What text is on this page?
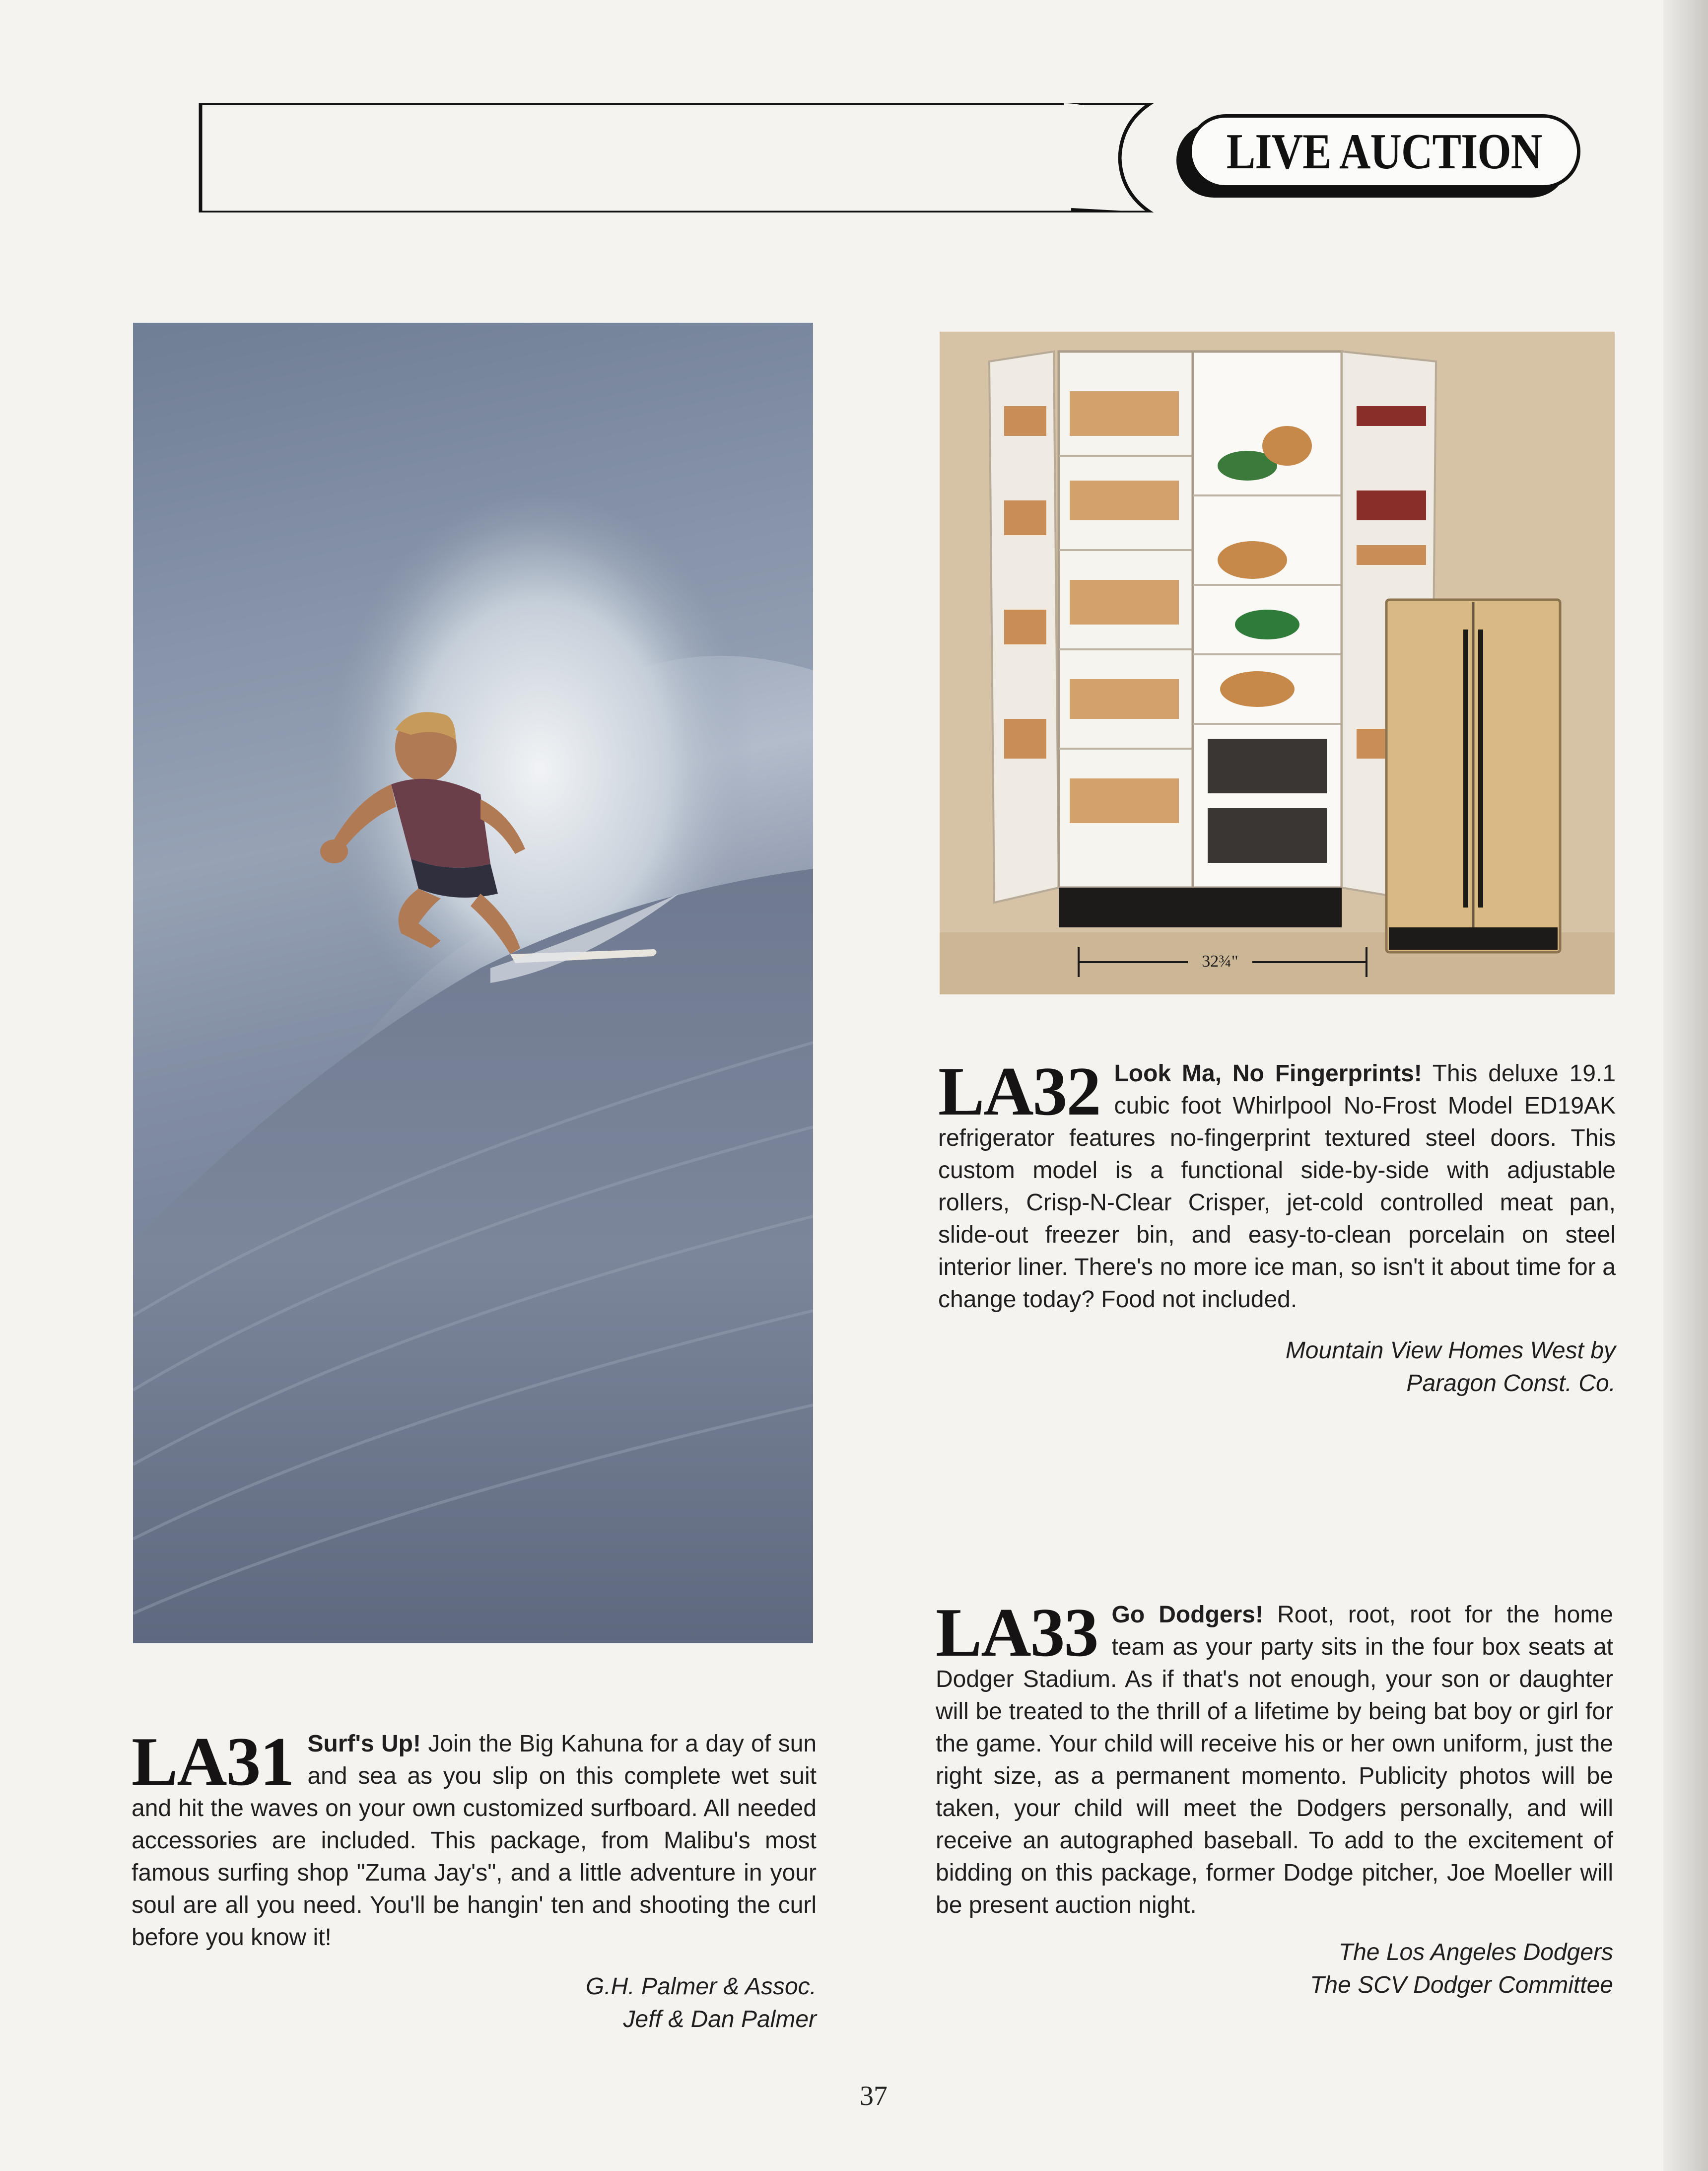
LIVE AUCTION
32¾"
LA32 Look Ma, No Fingerprints! This deluxe 19.1 cubic foot Whirlpool No-Frost Model ED19AK refrigerator features no-fingerprint textured steel doors. This custom model is a functional side-by-side with adjustable rollers, Crisp-N-Clear Crisper, jet-cold controlled meat pan, slide-out freezer bin, and easy-to-clean porcelain on steel interior liner. There's no more ice man, so isn't it about time for a change today? Food not included.
Mountain View Homes West by
Paragon Const. Co.
LA33 Go Dodgers! Root, root, root for the home team as your party sits in the four box seats at Dodger Stadium. As if that's not enough, your son or daughter will be treated to the thrill of a lifetime by being bat boy or girl for the game. Your child will receive his or her own uniform, just the right size, as a permanent momento. Publicity photos will be taken, your child will meet the Dodgers personally, and will receive an autographed baseball. To add to the excitement of bidding on this package, former Dodge pitcher, Joe Moeller will be present auction night.
The Los Angeles Dodgers
The SCV Dodger Committee
LA31 Surf's Up! Join the Big Kahuna for a day of sun and sea as you slip on this complete wet suit and hit the waves on your own customized surfboard. All needed accessories are included. This package, from Malibu's most famous surfing shop "Zuma Jay's", and a little adventure in your soul are all you need. You'll be hangin' ten and shooting the curl before you know it!
G.H. Palmer & Assoc.
Jeff & Dan Palmer
37
